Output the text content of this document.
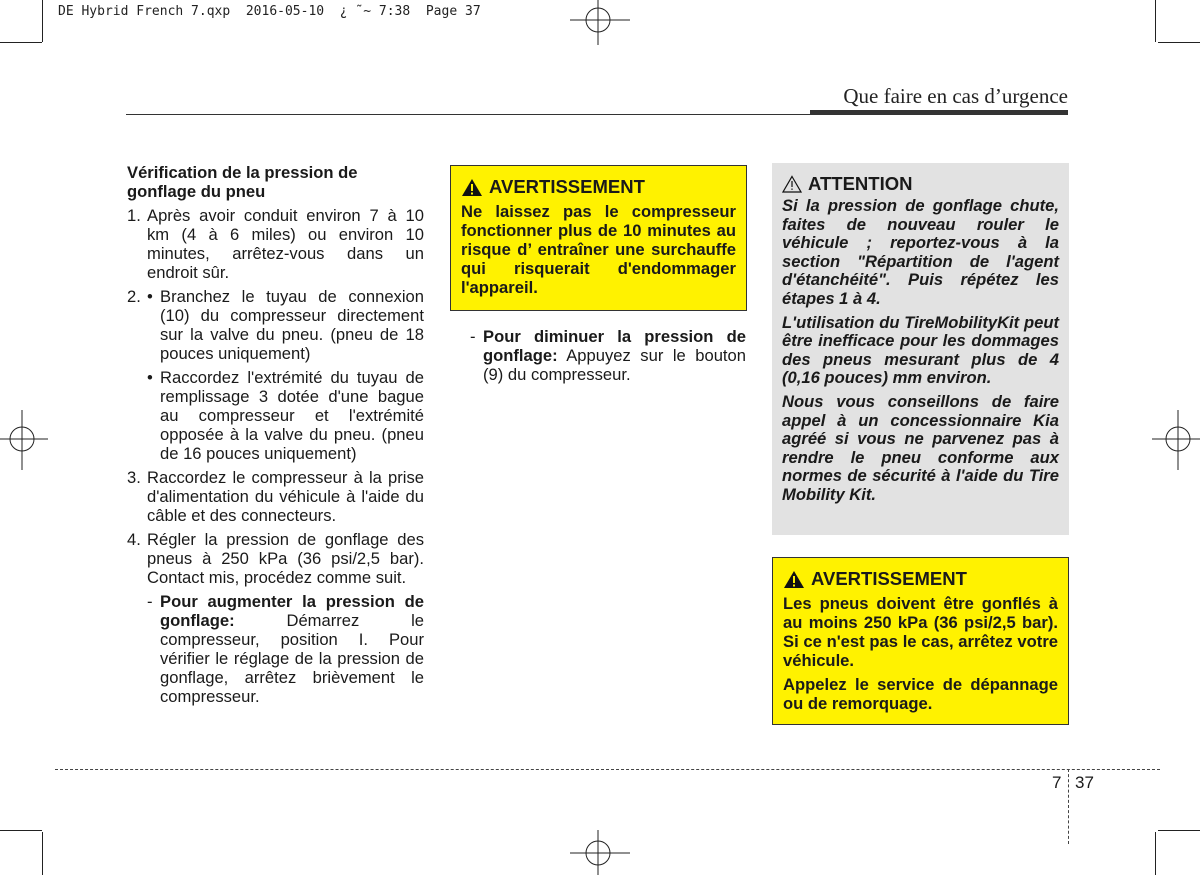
DE Hybrid French 7.qxp  2016-05-10  ¿ ˜~ 7:38  Page 37
Que faire en cas d’urgence
Vérification de la pression de gonflage du pneu
1. Après avoir conduit environ 7 à 10 km (4 à 6 miles) ou environ 10 minutes, arrêtez-vous dans un endroit sûr.
2. • Branchez le tuyau de connexion (10) du compresseur directement sur la valve du pneu. (pneu de 18 pouces uniquement)
• Raccordez l'extrémité du tuyau de remplissage 3 dotée d'une bague au compresseur et l'extrémité opposée à la valve du pneu. (pneu de 16 pouces uniquement)
3. Raccordez le compresseur à la prise d'alimentation du véhicule à l'aide du câble et des connecteurs.
4. Régler la pression de gonflage des pneus à 250 kPa (36 psi/2,5 bar). Contact mis, procédez comme suit.
- Pour augmenter la pression de gonflage: Démarrez le compresseur, position I. Pour vérifier le réglage de la pression de gonflage, arrêtez brièvement le compresseur.
AVERTISSEMENT

Ne laissez pas le compresseur fonctionner plus de 10 minutes au risque d’ entraîner une surchauffe qui risquerait d'endommager l'appareil.

- Pour diminuer la pression de gonflage: Appuyez sur le bouton (9) du compresseur.
ATTENTION

Si la pression de gonflage chute, faites de nouveau rouler le véhicule ; reportez-vous à la section "Répartition de l'agent d'étanchéité". Puis répétez les étapes 1 à 4.

L'utilisation du TireMobilityKit peut être inefficace pour les dommages des pneus mesurant plus de 4 (0,16 pouces) mm environ.

Nous vous conseillons de faire appel à un concessionnaire Kia agréé si vous ne parvenez pas à rendre le pneu conforme aux normes de sécurité à l'aide du Tire Mobility Kit.

AVERTISSEMENT

Les pneus doivent être gonflés à au moins 250 kPa (36 psi/2,5 bar). Si ce n'est pas le cas, arrêtez votre véhicule.

Appelez le service de dépannage ou de remorquage.

7 37
